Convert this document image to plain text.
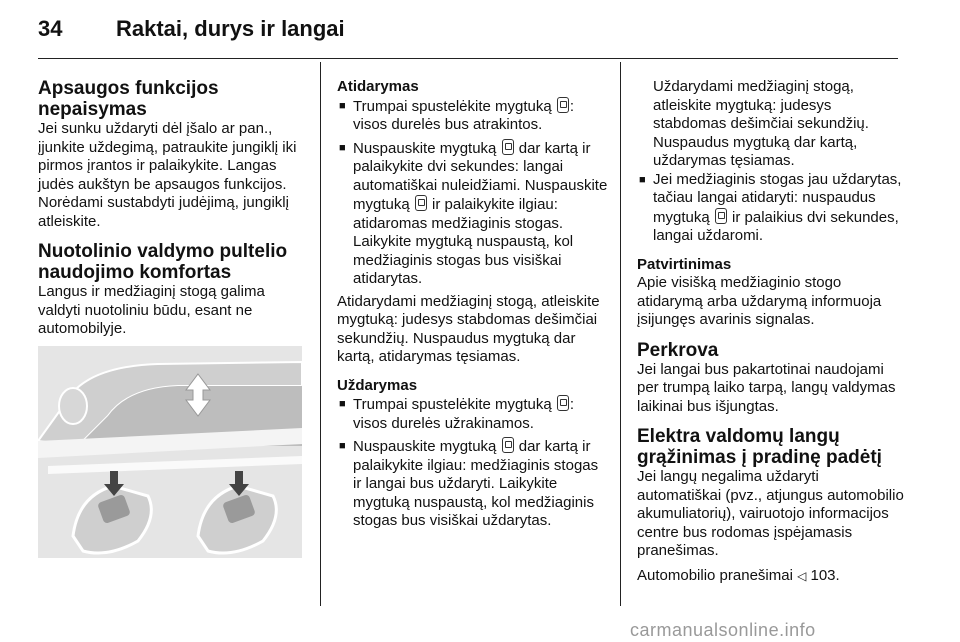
34	Raktai, durys ir langai

Apsaugos funkcijos nepaisymas

Jei sunku uždaryti dėl įšalo ar pan., įjunkite uždegimą, patraukite jungiklį iki pirmos įrantos ir palaikykite. Langas judės aukštyn be apsaugos funkcijos. Norėdami sustabdyti judėjimą, jungiklį atleiskite.

Nuotolinio valdymo pultelio naudojimo komfortas

Langus ir medžiaginį stogą galima valdyti nuotoliniu būdu, esant ne automobilyje.

Atidarymas

■ Trumpai spustelėkite mygtuką : visos durelės bus atrakintos.
■ Nuspauskite mygtuką  dar kartą ir palaikykite dvi sekundes: langai automatiškai nuleidžiami. Nuspauskite mygtuką  ir palaikykite ilgiau: atidaromas medžiaginis stogas. Laikykite mygtuką nuspaustą, kol medžiaginis stogas bus visiškai atidarytas.

Atidarydami medžiaginį stogą, atleiskite mygtuką: judesys stabdomas dešimčiai sekundžių. Nuspaudus mygtuką dar kartą, atidarymas tęsiamas.

Uždarymas

■ Trumpai spustelėkite mygtuką : visos durelės užrakinamos.
■ Nuspauskite mygtuką  dar kartą ir palaikykite ilgiau: medžiaginis stogas ir langai bus uždaryti. Laikykite mygtuką nuspaustą, kol medžiaginis stogas bus visiškai uždarytas.

Uždarydami medžiaginį stogą, atleiskite mygtuką: judesys stabdomas dešimčiai sekundžių. Nuspaudus mygtuką dar kartą, uždarymas tęsiamas.

■ Jei medžiaginis stogas jau uždarytas, tačiau langai atidaryti: nuspaudus mygtuką  ir palaikius dvi sekundes, langai uždaromi.

Patvirtinimas

Apie visišką medžiaginio stogo atidarymą arba uždarymą informuoja įsijungęs avarinis signalas.

Perkrova

Jei langai bus pakartotinai naudojami per trumpą laiko tarpą, langų valdymas laikinai bus išjungtas.

Elektra valdomų langų grąžinimas į pradinę padėtį

Jei langų negalima uždaryti automatiškai (pvz., atjungus automobilio akumuliatorių), vairuotojo informacijos centre bus rodomas įspėjamasis pranešimas.

Automobilio pranešimai ◁ 103.

carmanualsonline.info
